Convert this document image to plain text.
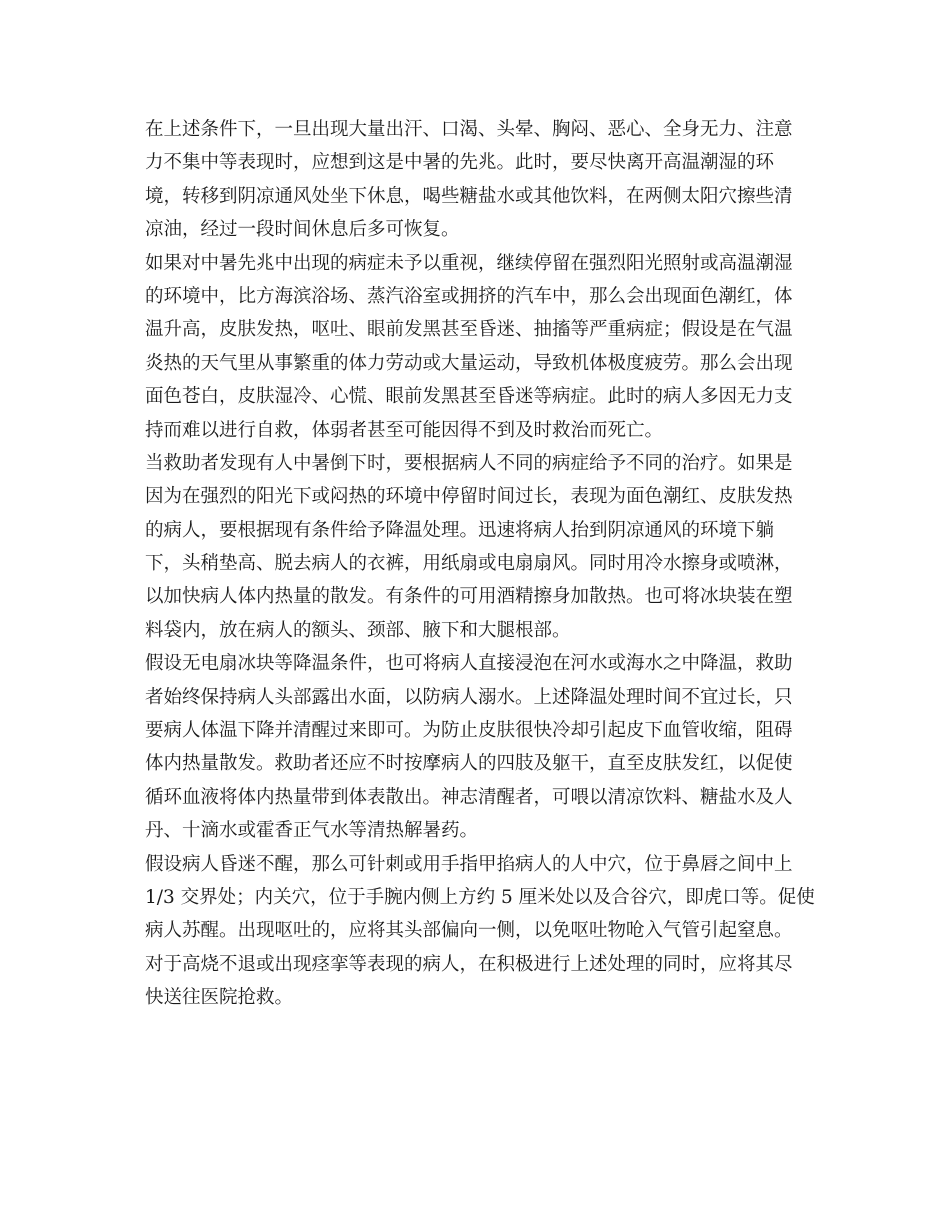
在上述条件下，一旦出现大量出汗、口渴、头晕、胸闷、恶心、全身无力、注意
力不集中等表现时，应想到这是中暑的先兆。此时，要尽快离开高温潮湿的环
境，转移到阴凉通风处坐下休息，喝些糖盐水或其他饮料，在两侧太阳穴擦些清
凉油，经过一段时间休息后多可恢复。
如果对中暑先兆中出现的病症未予以重视，继续停留在强烈阳光照射或高温潮湿
的环境中，比方海滨浴场、蒸汽浴室或拥挤的汽车中，那么会出现面色潮红，体
温升高，皮肤发热，呕吐、眼前发黑甚至昏迷、抽搐等严重病症；假设是在气温
炎热的天气里从事繁重的体力劳动或大量运动，导致机体极度疲劳。那么会出现
面色苍白，皮肤湿冷、心慌、眼前发黑甚至昏迷等病症。此时的病人多因无力支
持而难以进行自救，体弱者甚至可能因得不到及时救治而死亡。
当救助者发现有人中暑倒下时，要根据病人不同的病症给予不同的治疗。如果是
因为在强烈的阳光下或闷热的环境中停留时间过长，表现为面色潮红、皮肤发热
的病人，要根据现有条件给予降温处理。迅速将病人抬到阴凉通风的环境下躺
下，头稍垫高、脱去病人的衣裤，用纸扇或电扇扇风。同时用冷水擦身或喷淋，
以加快病人体内热量的散发。有条件的可用酒精擦身加散热。也可将冰块装在塑
料袋内，放在病人的额头、颈部、腋下和大腿根部。
假设无电扇冰块等降温条件，也可将病人直接浸泡在河水或海水之中降温，救助
者始终保持病人头部露出水面，以防病人溺水。上述降温处理时间不宜过长，只
要病人体温下降并清醒过来即可。为防止皮肤很快冷却引起皮下血管收缩，阻碍
体内热量散发。救助者还应不时按摩病人的四肢及躯干，直至皮肤发红，以促使
循环血液将体内热量带到体表散出。神志清醒者，可喂以清凉饮料、糖盐水及人
丹、十滴水或霍香正气水等清热解暑药。
假设病人昏迷不醒，那么可针刺或用手指甲掐病人的人中穴，位于鼻唇之间中上
1/3 交界处；内关穴，位于手腕内侧上方约 5 厘米处以及合谷穴，即虎口等。促使
病人苏醒。出现呕吐的，应将其头部偏向一侧，以免呕吐物呛入气管引起窒息。
对于高烧不退或出现痉挛等表现的病人，在积极进行上述处理的同时，应将其尽
快送往医院抢救。
